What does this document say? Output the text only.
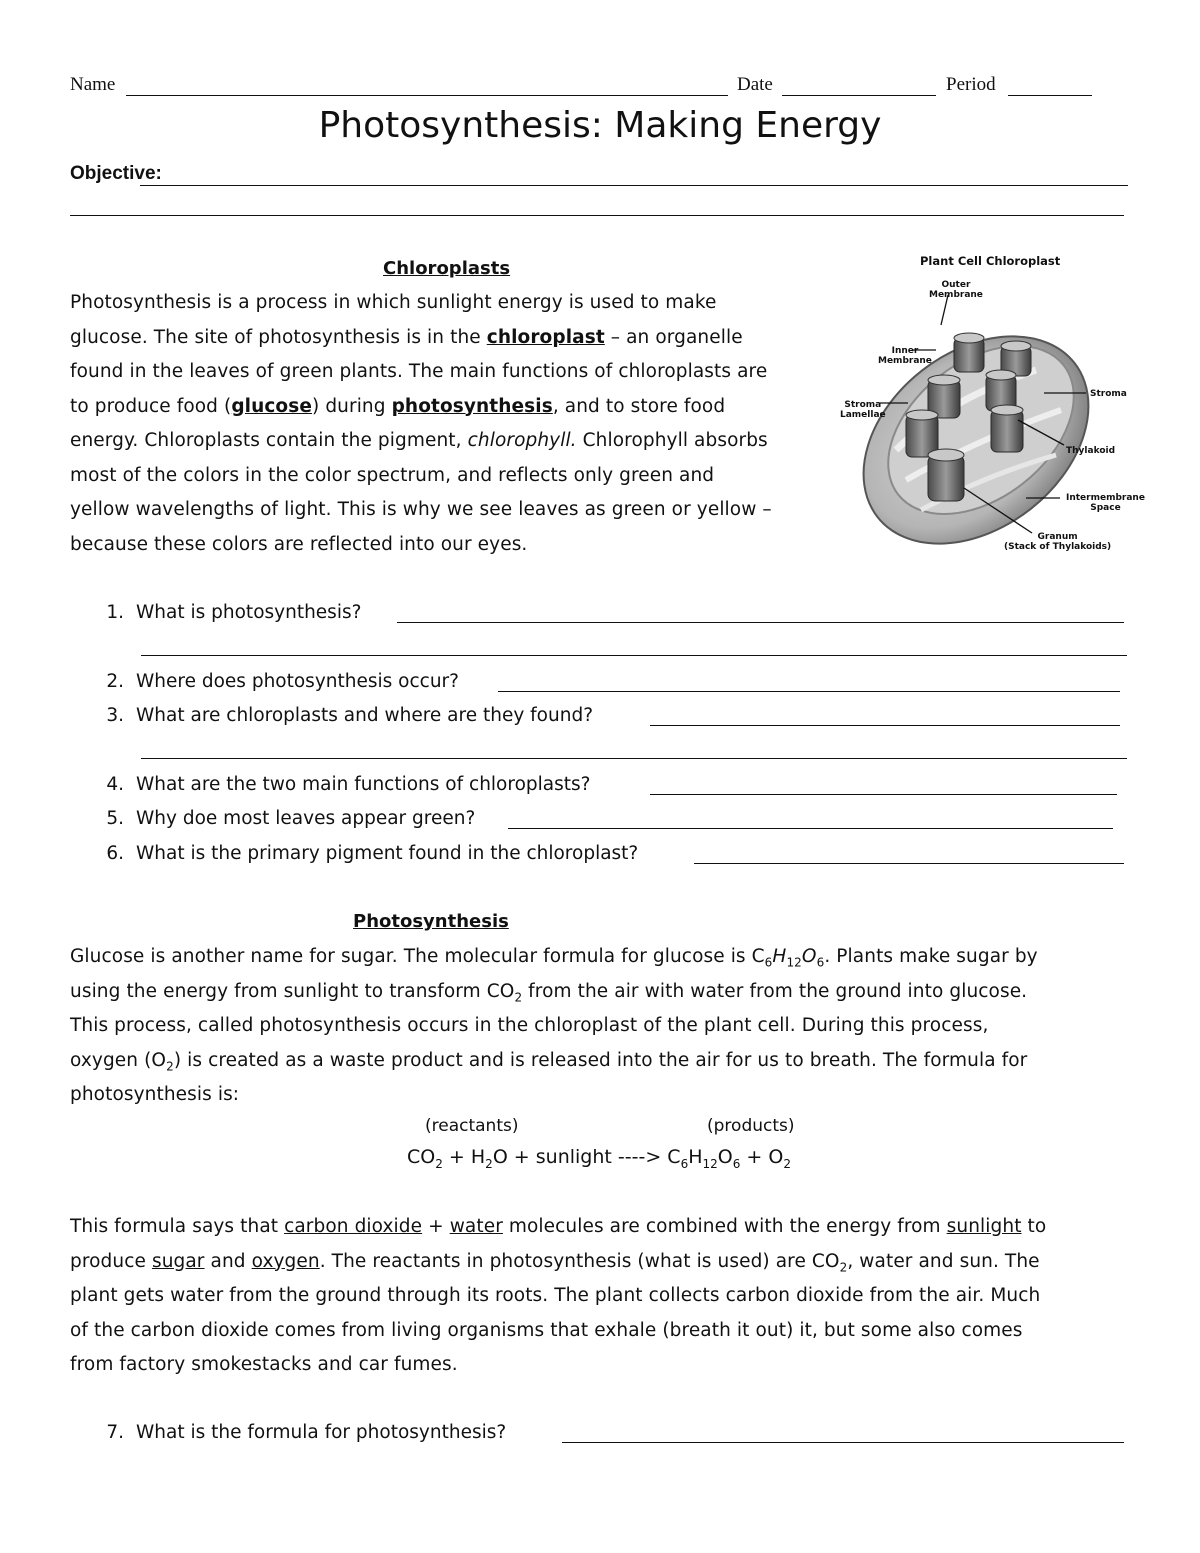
Name	Date	Period
Photosynthesis: Making Energy
Objective:
Chloroplasts

Photosynthesis is a process in which sunlight energy is used to make

glucose. The site of photosynthesis is in the chloroplast – an organelle

found in the leaves of green plants. The main functions of chloroplasts are

to produce food (glucose) during photosynthesis, and to store food

energy. Chloroplasts contain the pigment, chlorophyll. Chlorophyll absorbs

most of the colors in the color spectrum, and reflects only green and

yellow wavelengths of light. This is why we see leaves as green or yellow –

because these colors are reflected into our eyes.

Plant Cell Chloroplast
Outer
Membrane
Inner
Membrane
Stroma
Lamellae
Stroma
Thylakoid
Intermembrane
Space
Granum
(Stack of Thylakoids)
1. What is photosynthesis?
2. Where does photosynthesis occur?
3. What are chloroplasts and where are they found?
4. What are the two main functions of chloroplasts?
5. Why doe most leaves appear green?
6. What is the primary pigment found in the chloroplast?
Photosynthesis

Glucose is another name for sugar. The molecular formula for glucose is $C_6H_{12}O_6$. Plants make sugar by

using the energy from sunlight to transform $CO_2$ from the air with water from the ground into glucose.

This process, called photosynthesis occurs in the chloroplast of the plant cell. During this process,

oxygen $(O_2)$ is created as a waste product and is released into the air for us to breath. The formula for

photosynthesis is:

(reactants)	(products)
$CO_2 + H_2O$ + sunlight ----> $C_6H_{12}O_6 + O_2$

This formula says that carbon dioxide + water molecules are combined with the energy from sunlight to

produce sugar and oxygen. The reactants in photosynthesis (what is used) are $CO_2$, water and sun. The

plant gets water from the ground through its roots. The plant collects carbon dioxide from the air. Much

of the carbon dioxide comes from living organisms that exhale (breath it out) it, but some also comes

from factory smokestacks and car fumes.

7. What is the formula for photosynthesis?
